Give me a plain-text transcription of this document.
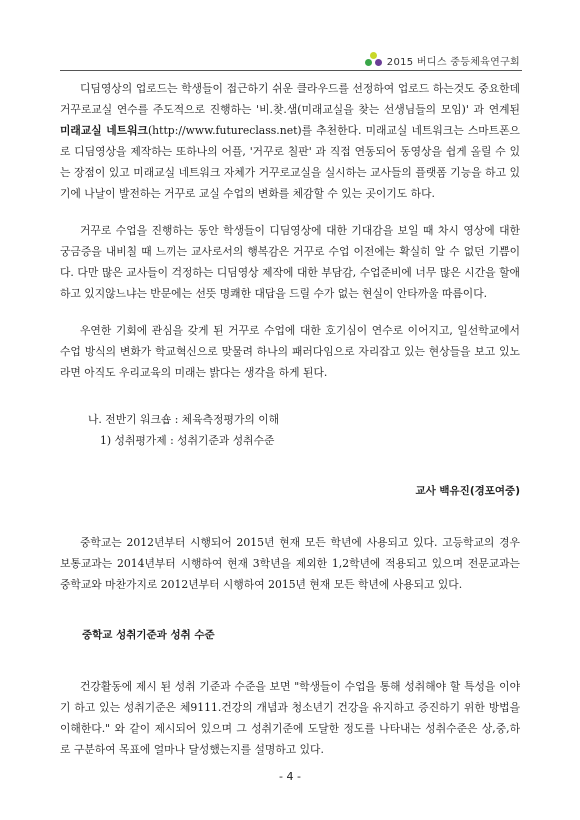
2015 버디스 중등체육연구회

디딤영상의 업로드는 학생들이 접근하기 쉬운 클라우드를 선정하여 업로드 하는것도 중요한데 거꾸로교실 연수를 주도적으로 진행하는 '비.찾.샘(미래교실을 찾는 선생님들의 모임)' 과 연계된 미래교실 네트워크(http://www.futureclass.net)를 추천한다. 미래교실 네트워크는 스마트폰으로 디딤영상을 제작하는 또하나의 어플, '거꾸로 칠판' 과 직접 연동되어 동영상을 쉽게 올릴 수 있는 장점이 있고 미래교실 네트워크 자체가 거꾸로교실을 실시하는 교사들의 플랫폼 기능을 하고 있기에 나날이 발전하는 거꾸로 교실 수업의 변화를 체감할 수 있는 곳이기도 하다.

거꾸로 수업을 진행하는 동안 학생들이 디딤영상에 대한 기대감을 보일 때 차시 영상에 대한 궁금증을 내비칠 때 느끼는 교사로서의 행복감은 거꾸로 수업 이전에는 확실히 알 수 없던 기쁨이다. 다만 많은 교사들이 걱정하는 디딤영상 제작에 대한 부담감, 수업준비에 너무 많은 시간을 할애하고 있지않느냐는 반문에는 선뜻 명쾌한 대답을 드릴 수가 없는 현실이 안타까울 따름이다.

우연한 기회에 관심을 갖게 된 거꾸로 수업에 대한 호기심이 연수로 이어지고, 일선학교에서 수업 방식의 변화가 학교혁신으로 맞물려 하나의 패러다임으로 자리잡고 있는 현상들을 보고 있노라면 아직도 우리교육의 미래는 밝다는 생각을 하게 된다.

나. 전반기 워크숍 : 체육측정평가의 이해

1) 성취평가제 : 성취기준과 성취수준

교사 백유진(경포여중)

중학교는 2012년부터 시행되어 2015년 현재 모든 학년에 사용되고 있다. 고등학교의 경우 보통교과는 2014년부터 시행하여 현재 3학년을 제외한 1,2학년에 적용되고 있으며 전문교과는 중학교와 마찬가지로 2012년부터 시행하여 2015년 현재 모든 학년에 사용되고 있다.

중학교 성취기준과 성취 수준

건강활동에 제시 된 성취 기준과 수준을 보면 "학생들이 수업을 통해 성취해야 할 특성을 이야기 하고 있는 성취기준은 체9111.건강의 개념과 청소년기 건강을 유지하고 증진하기 위한 방법을 이해한다." 와 같이 제시되어 있으며 그 성취기준에 도달한 정도를 나타내는 성취수준은 상,중,하 로 구분하여 목표에 얼마나 달성했는지를 설명하고 있다.

- 4 -
